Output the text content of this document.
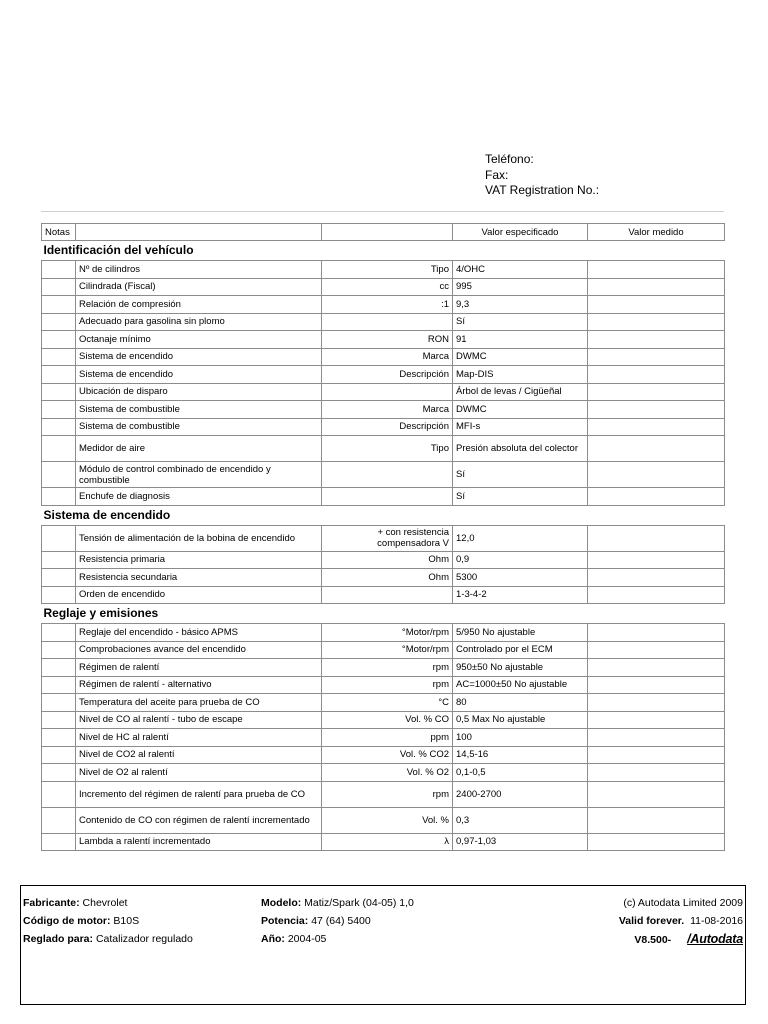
Teléfono:
Fax:
VAT Registration No.:
Notas			Valor especificado	Valor medido
Identificación del vehículo				
	Nº de cilindros	Tipo	4/OHC	
	Cilindrada (Fiscal)	cc	995	
	Relación de compresión	:1	9,3	
	Adecuado para gasolina sin plomo		Sí	
	Octanaje mínimo	RON	91	
	Sistema de encendido	Marca	DWMC	
	Sistema de encendido	Descripción	Map-DIS	
	Ubicación de disparo		Árbol de levas / Cigüeñal	
	Sistema de combustible	Marca	DWMC	
	Sistema de combustible	Descripción	MFI-s	
	Medidor de aire	Tipo	Presión absoluta del colector	
	Módulo de control combinado de encendido y combustible		Sí	
	Enchufe de diagnosis		Sí	
Sistema de encendido				
	Tensión de alimentación de la bobina de encendido	+ con resistencia compensadora V	12,0	
	Resistencia primaria	Ohm	0,9	
	Resistencia secundaria	Ohm	5300	
	Orden de encendido		1-3-4-2	
Reglaje y emisiones				
	Reglaje del encendido - básico APMS	°Motor/rpm	5/950 No ajustable	
	Comprobaciones avance del encendido	°Motor/rpm	Controlado por el ECM	
	Régimen de ralentí	rpm	950±50 No ajustable	
	Régimen de ralentí - alternativo	rpm	AC=1000±50 No ajustable	
	Temperatura del aceite para prueba de CO	°C	80	
	Nivel de CO al ralentí - tubo de escape	Vol. % CO	0,5 Max No ajustable	
	Nivel de HC al ralentí	ppm	100	
	Nivel de CO2 al ralentí	Vol. % CO2	14,5-16	
	Nivel de O2 al ralentí	Vol. % O2	0,1-0,5	
	Incremento del régimen de ralentí para prueba de CO	rpm	2400-2700	
	Contenido de CO con régimen de ralentí incrementado	Vol. %	0,3	
	Lambda a ralentí incrementado	λ	0,97-1,03	
Fabricante: Chevrolet
Código de motor: B10S
Reglado para: Catalizador regulado
Modelo: Matiz/Spark (04-05) 1,0
Potencia: 47 (64) 5400
Año: 2004-05
(c) Autodata Limited 2009
Valid forever. 11-08-2016
V8.500- /Autodata
